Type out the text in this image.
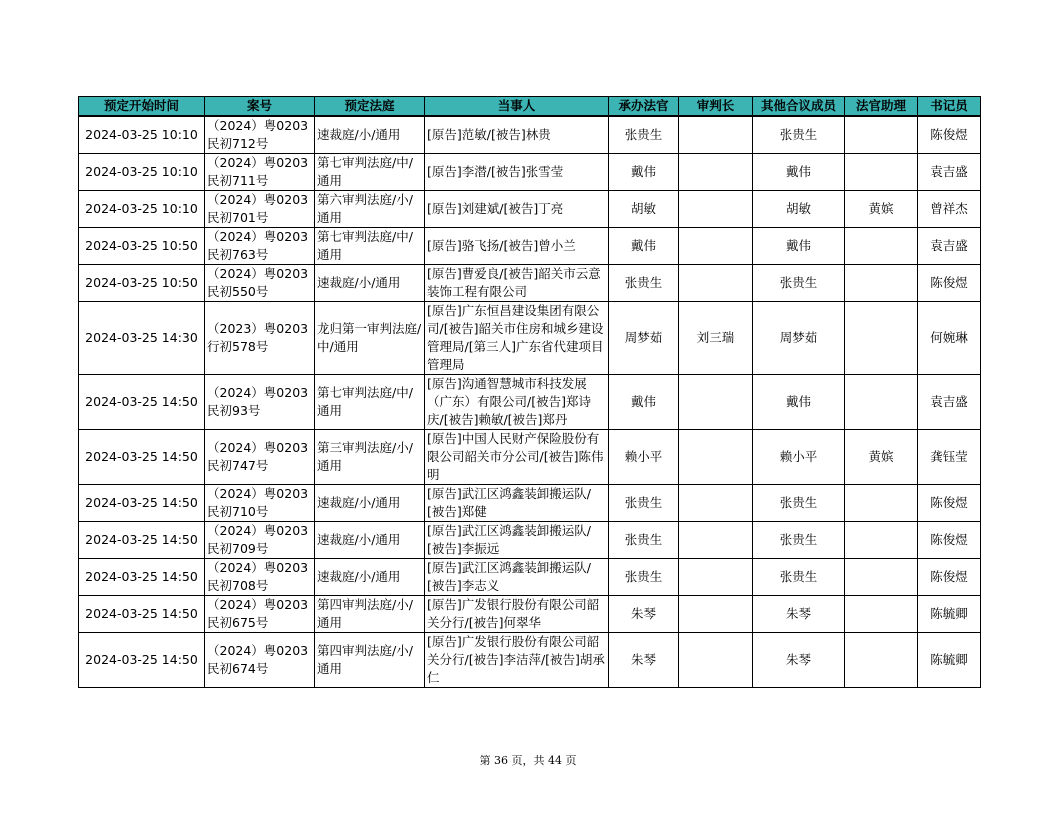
预定开始时间	案号	预定法庭	当事人	承办法官	审判长	其他合议成员	法官助理	书记员
2024-03-25 10:10	（2024）粤0203民初712号	速裁庭/小/通用	[原告]范敏/[被告]林贵	张贵生		张贵生		陈俊煜
2024-03-25 10:10	（2024）粤0203民初711号	第七审判法庭/中/通用	[原告]李潜/[被告]张雪莹	戴伟		戴伟		袁吉盛
2024-03-25 10:10	（2024）粤0203民初701号	第六审判法庭/小/通用	[原告]刘建斌/[被告]丁亮	胡敏		胡敏	黄嫔	曾祥杰
2024-03-25 10:50	（2024）粤0203民初763号	第七审判法庭/中/通用	[原告]骆飞扬/[被告]曾小兰	戴伟		戴伟		袁吉盛
2024-03-25 10:50	（2024）粤0203民初550号	速裁庭/小/通用	[原告]曹爱良/[被告]韶关市云意装饰工程有限公司	张贵生		张贵生		陈俊煜
2024-03-25 14:30	（2023）粤0203行初578号	龙归第一审判法庭/中/通用	[原告]广东恒昌建设集团有限公司/[被告]韶关市住房和城乡建设管理局/[第三人]广东省代建项目管理局	周梦茹	刘三瑞	周梦茹		何婉琳
2024-03-25 14:50	（2024）粤0203民初93号	第七审判法庭/中/通用	[原告]沟通智慧城市科技发展（广东）有限公司/[被告]郑诗庆/[被告]赖敏/[被告]郑丹	戴伟		戴伟		袁吉盛
2024-03-25 14:50	（2024）粤0203民初747号	第三审判法庭/小/通用	[原告]中国人民财产保险股份有限公司韶关市分公司/[被告]陈伟明	赖小平		赖小平	黄嫔	龚钰莹
2024-03-25 14:50	（2024）粤0203民初710号	速裁庭/小/通用	[原告]武江区鸿鑫装卸搬运队/[被告]郑健	张贵生		张贵生		陈俊煜
2024-03-25 14:50	（2024）粤0203民初709号	速裁庭/小/通用	[原告]武江区鸿鑫装卸搬运队/[被告]李振远	张贵生		张贵生		陈俊煜
2024-03-25 14:50	（2024）粤0203民初708号	速裁庭/小/通用	[原告]武江区鸿鑫装卸搬运队/[被告]李志义	张贵生		张贵生		陈俊煜
2024-03-25 14:50	（2024）粤0203民初675号	第四审判法庭/小/通用	[原告]广发银行股份有限公司韶关分行/[被告]何翠华	朱琴		朱琴		陈毓卿
2024-03-25 14:50	（2024）粤0203民初674号	第四审判法庭/小/通用	[原告]广发银行股份有限公司韶关分行/[被告]李洁萍/[被告]胡承仁	朱琴		朱琴		陈毓卿
第 36 页，共 44 页
